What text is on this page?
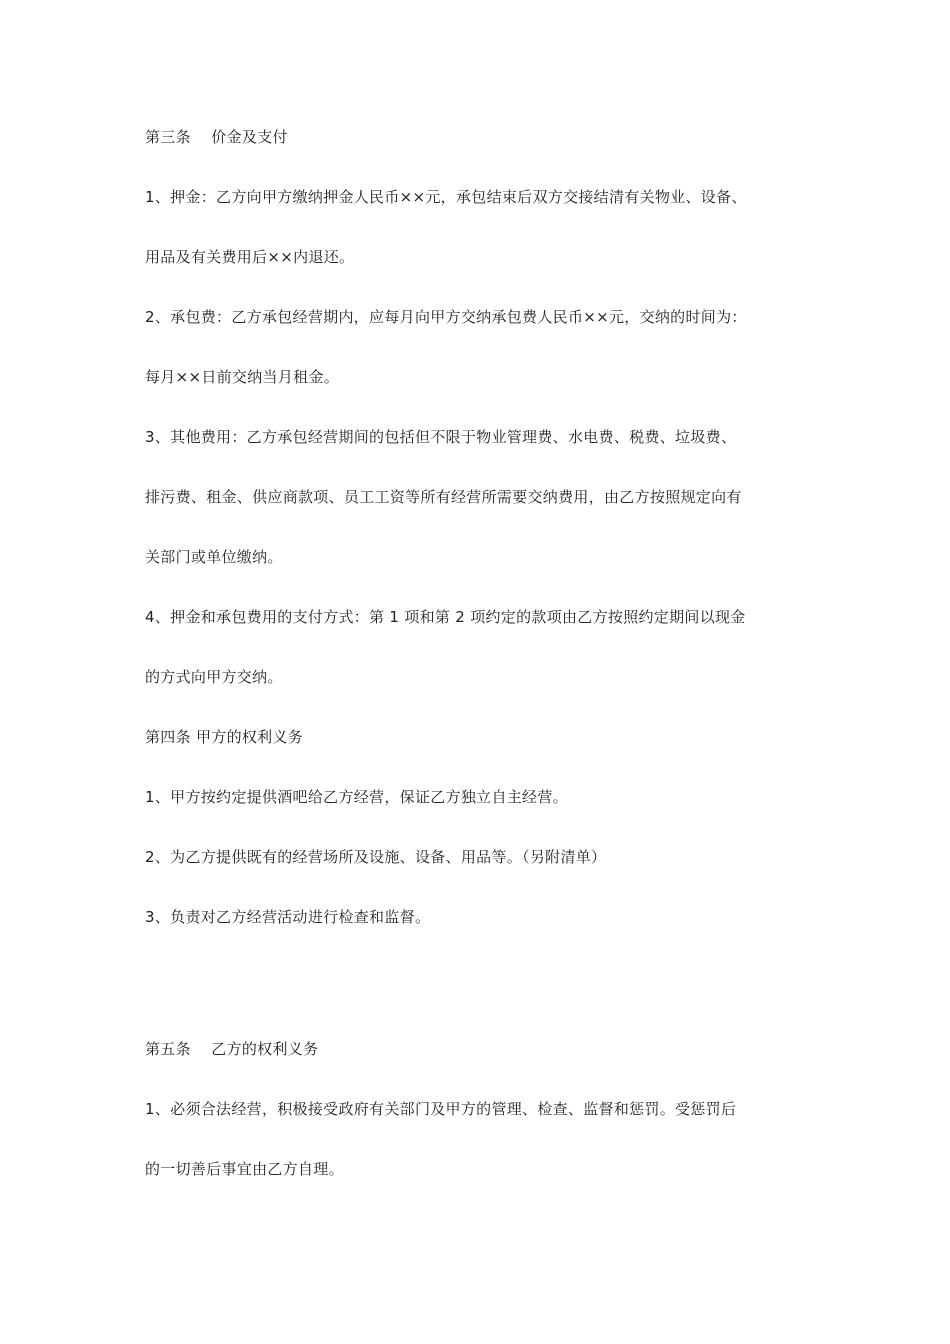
第三条　 价金及支付
1、押金：乙方向甲方缴纳押金人民币××元，承包结束后双方交接结清有关物业、设备、
用品及有关费用后××内退还。
2、承包费：乙方承包经营期内，应每月向甲方交纳承包费人民币××元，交纳的时间为：
每月××日前交纳当月租金。
3、其他费用：乙方承包经营期间的包括但不限于物业管理费、水电费、税费、垃圾费、
排污费、租金、供应商款项、员工工资等所有经营所需要交纳费用，由乙方按照规定向有
关部门或单位缴纳。
4、押金和承包费用的支付方式：第 1 项和第 2 项约定的款项由乙方按照约定期间以现金
的方式向甲方交纳。
第四条 甲方的权利义务
1、甲方按约定提供酒吧给乙方经营，保证乙方独立自主经营。
2、为乙方提供既有的经营场所及设施、设备、用品等。（另附清单）
3、负责对乙方经营活动进行检查和监督。
第五条　 乙方的权利义务
1、必须合法经营，积极接受政府有关部门及甲方的管理、检查、监督和惩罚。受惩罚后
的一切善后事宜由乙方自理。
